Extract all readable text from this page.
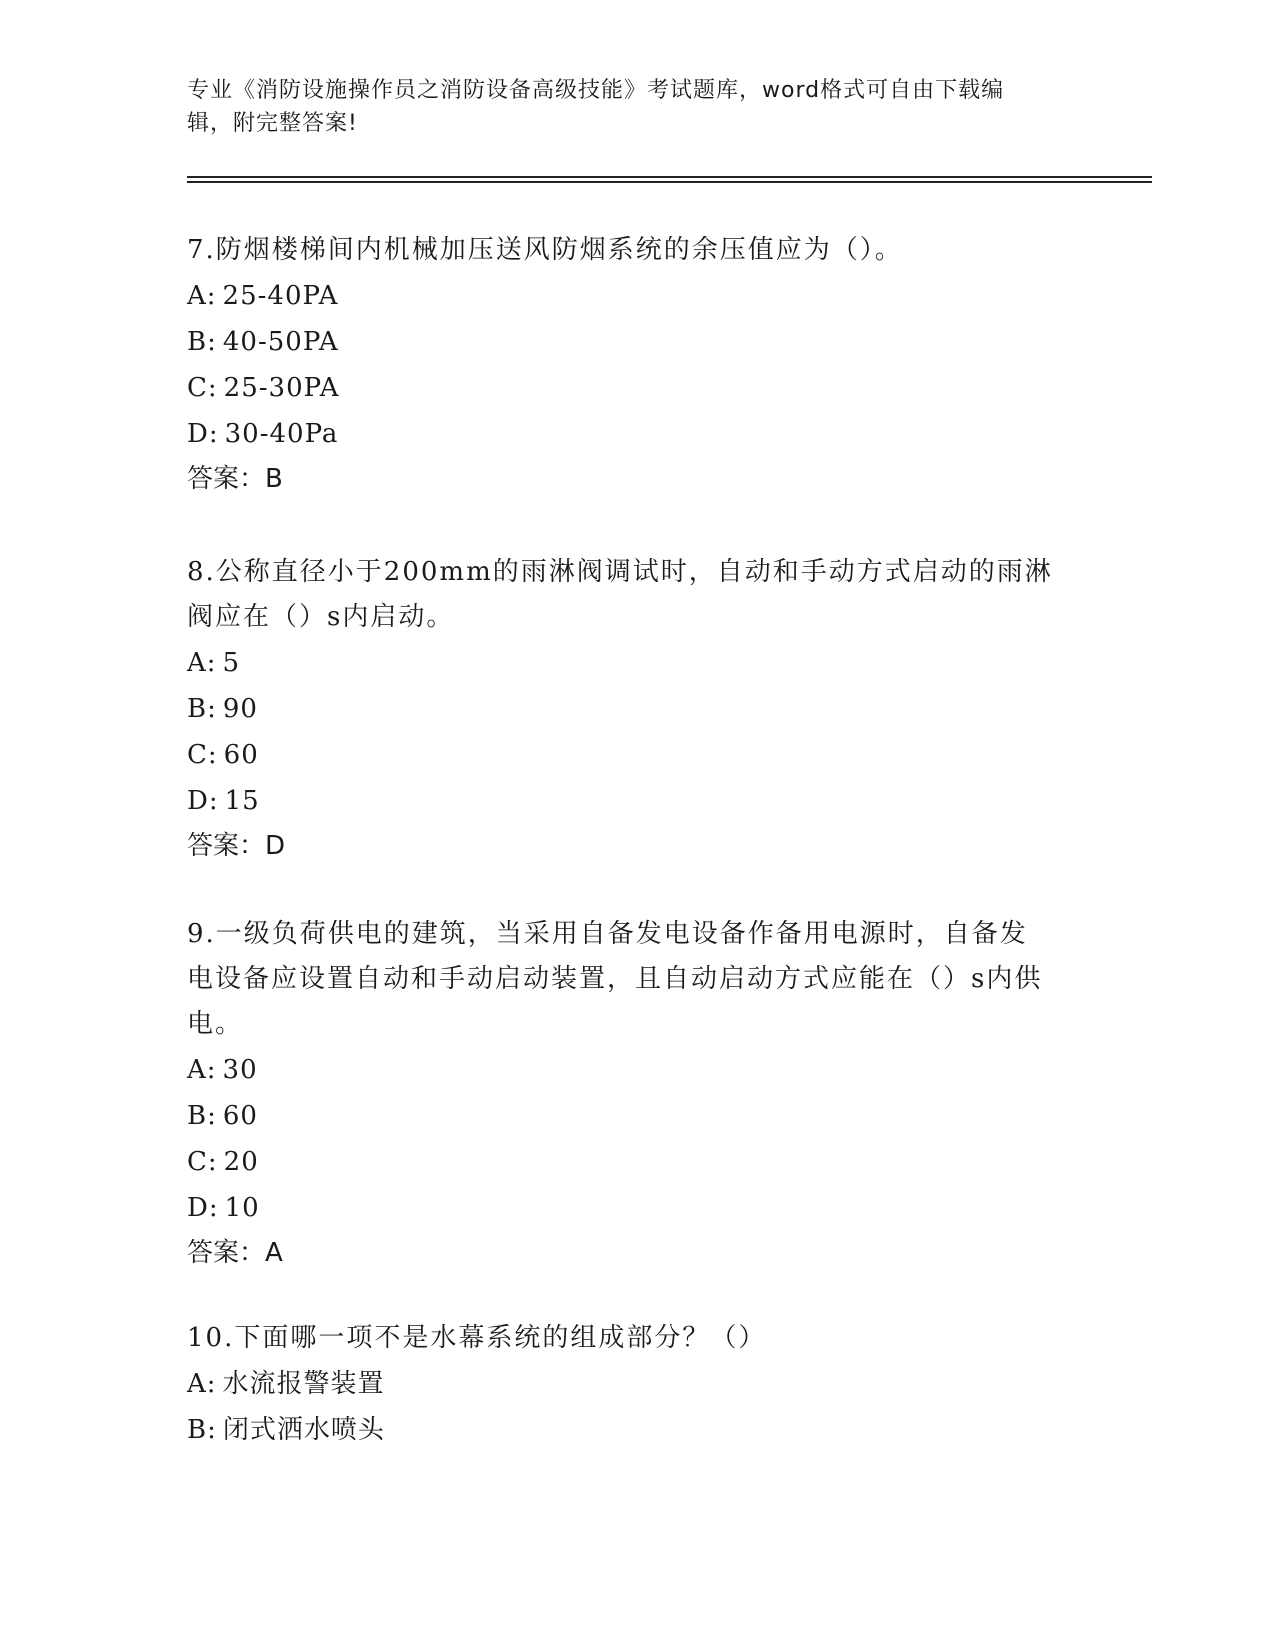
专业《消防设施操作员之消防设备高级技能》考试题库，word格式可自由下载编
辑，附完整答案!

7.防烟楼梯间内机械加压送风防烟系统的余压值应为（）。

A: 25-40PA

B: 40-50PA

C: 25-30PA

D: 30-40Pa

答案：B

8.公称直径小于200mm的雨淋阀调试时，自动和手动方式启动的雨淋

阀应在（）s内启动。

A: 5

B: 90

C: 60

D: 15

答案：D

9.一级负荷供电的建筑，当采用自备发电设备作备用电源时，自备发

电设备应设置自动和手动启动装置，且自动启动方式应能在（）s内供

电。

A: 30

B: 60

C: 20

D: 10

答案：A

10.下面哪一项不是水幕系统的组成部分？（）

A: 水流报警装置

B: 闭式洒水喷头
